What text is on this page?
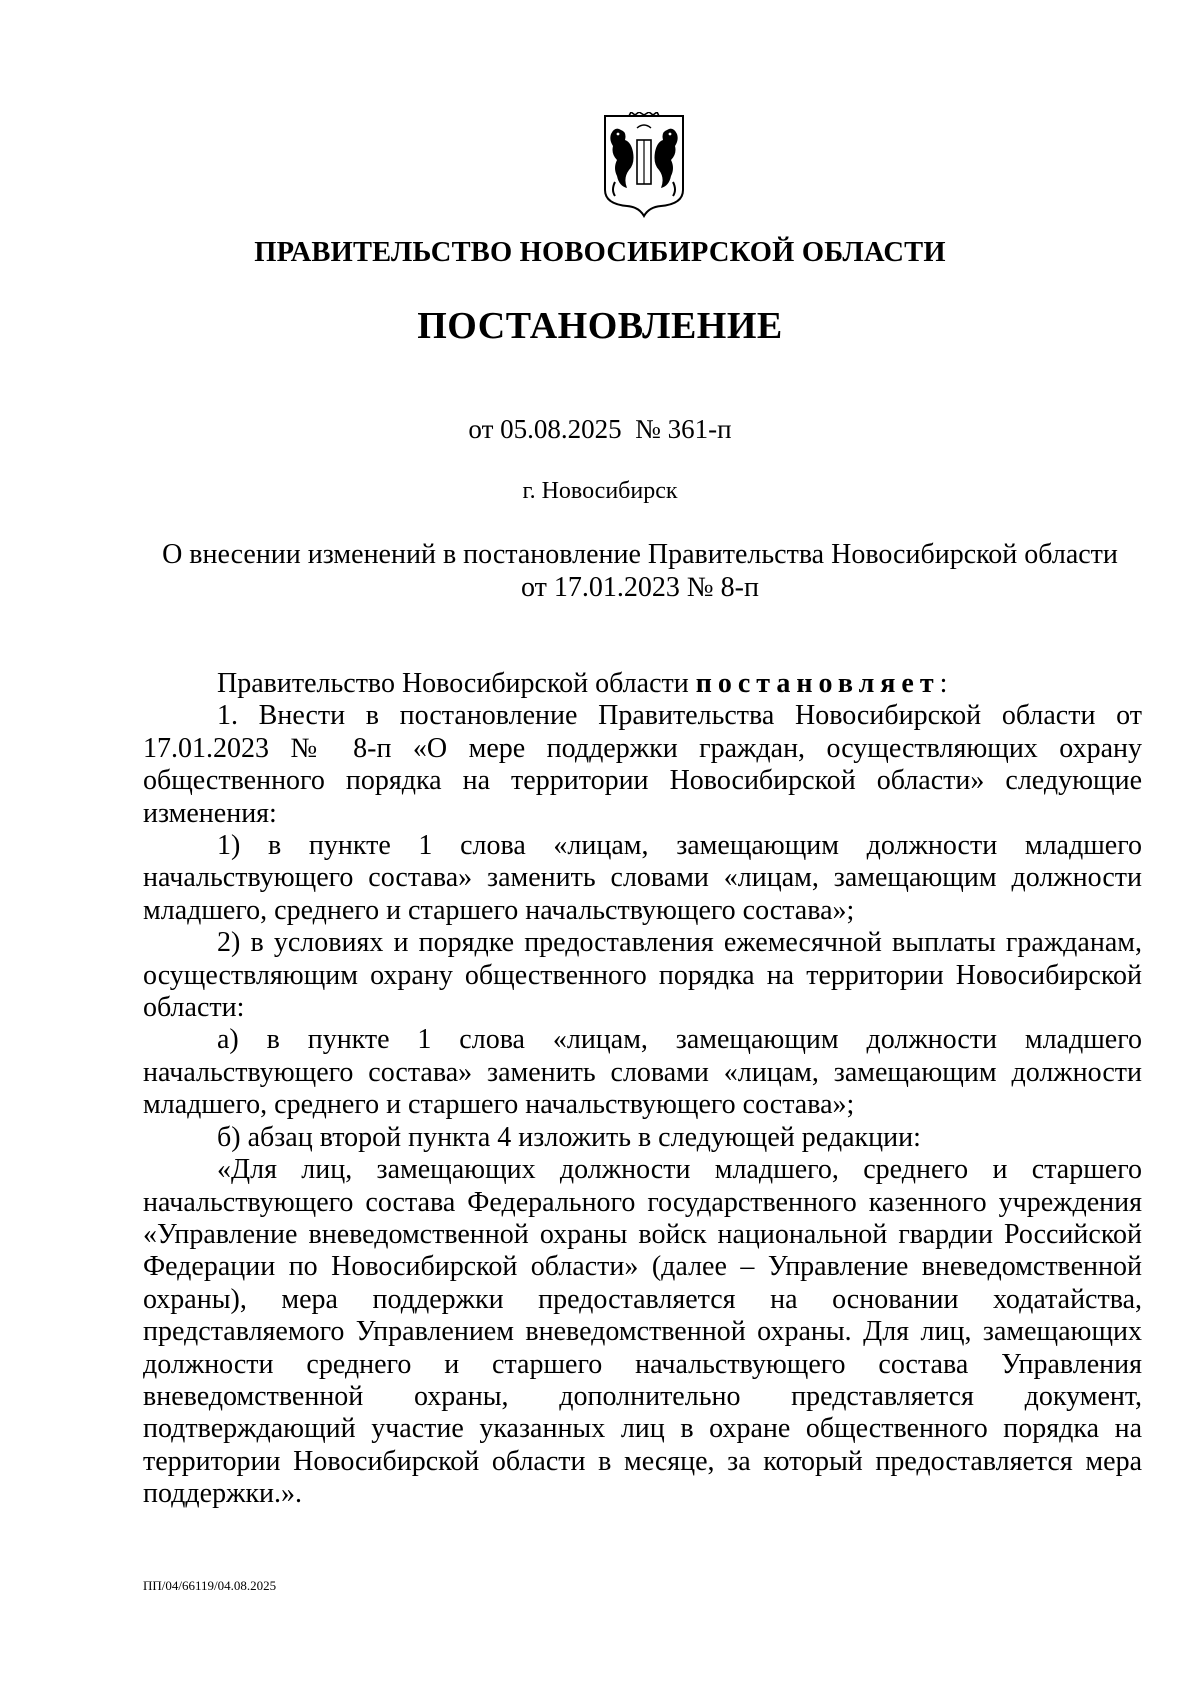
ПРАВИТЕЛЬСТВО НОВОСИБИРСКОЙ ОБЛАСТИ
ПОСТАНОВЛЕНИЕ
от 05.08.2025  № 361-п
г. Новосибирск
О внесении изменений в постановление Правительства Новосибирской области
от 17.01.2023 № 8-п

Правительство Новосибирской области постановляет:

1. Внести в постановление Правительства Новосибирской области от 17.01.2023 № 8-п «О мере поддержки граждан, осуществляющих охрану общественного порядка на территории Новосибирской области» следующие изменения:

1) в пункте 1 слова «лицам, замещающим должности младшего начальствующего состава» заменить словами «лицам, замещающим должности младшего, среднего и старшего начальствующего состава»;

2) в условиях и порядке предоставления ежемесячной выплаты гражданам, осуществляющим охрану общественного порядка на территории Новосибирской области:

а) в пункте 1 слова «лицам, замещающим должности младшего начальствующего состава» заменить словами «лицам, замещающим должности младшего, среднего и старшего начальствующего состава»;

б) абзац второй пункта 4 изложить в следующей редакции:

«Для лиц, замещающих должности младшего, среднего и старшего начальствующего состава Федерального государственного казенного учреждения «Управление вневедомственной охраны войск национальной гвардии Российской Федерации по Новосибирской области» (далее – Управление вневедомственной охраны), мера поддержки предоставляется на основании ходатайства, представляемого Управлением вневедомственной охраны. Для лиц, замещающих должности среднего и старшего начальствующего состава Управления вневедомственной охраны, дополнительно представляется документ, подтверждающий участие указанных лиц в охране общественного порядка на территории Новосибирской области в месяце, за который предоставляется мера поддержки.».

ПП/04/66119/04.08.2025
